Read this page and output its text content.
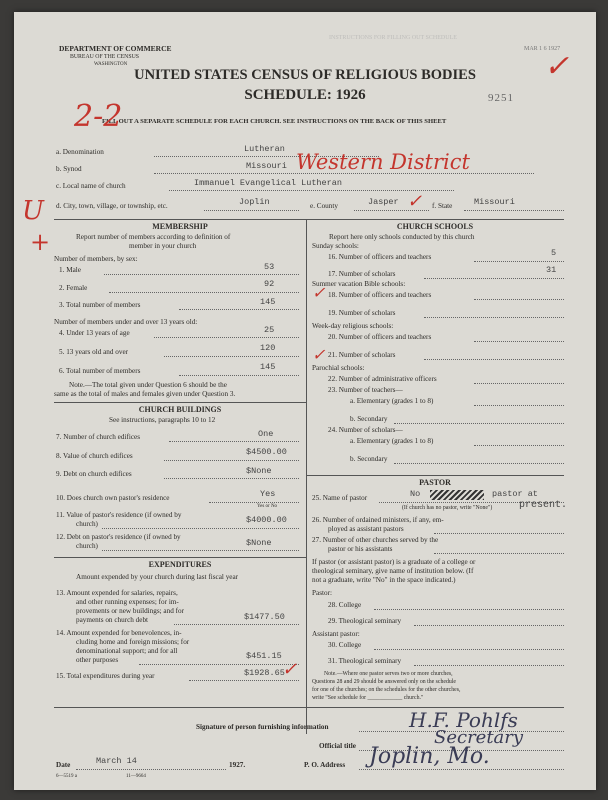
INSTRUCTIONS FOR FILLING OUT SCHEDULE
MAR 1 6 1927
DEPARTMENT OF COMMERCE
BUREAU OF THE CENSUS
WASHINGTON
UNITED STATES CENSUS OF RELIGIOUS BODIES
SCHEDULE: 1926	9251
FILL OUT A SEPARATE SCHEDULE FOR EACH CHURCH. SEE INSTRUCTIONS ON THE BACK OF THIS SHEET
2-2
✓
U
+
a. Denomination	Lutheran
b. Synod	Missouri Western District
c. Local name of church	Immanuel Evangelical Lutheran
d. City, town, village, or township, etc.	Joplin	e. County	Jasper ✓ f. State	Missouri
MEMBERSHIP
Report number of members according to definition of
member in your church
Number of members, by sex:
1. Male	53
2. Female	92
3. Total number of members	145
Number of members under and over 13 years old:
4. Under 13 years of age	25
5. 13 years old and over	120
6. Total number of members	145
Note.—The total given under Question 6 should be the
same as the total of males and females given under Question 3.
CHURCH BUILDINGS
See instructions, paragraphs 10 to 12
7. Number of church edifices	One
8. Value of church edifices	$4500.00
9. Debt on church edifices	$None
10. Does church own pastor's residence	Yes
Yes or No
11. Value of pastor's residence (if owned by
church)	$4000.00
12. Debt on pastor's residence (if owned by
church)	$None
EXPENDITURES
Amount expended by your church during last fiscal year
13. Amount expended for salaries, repairs,
and other running expenses; for im-
provements or new buildings; and for
payments on church debt	$1477.50
14. Amount expended for benevolences, in-
cluding home and foreign missions; for
denominational support; and for all
other purposes	$451.15
15. Total expenditures during year	$1928.65
✓
CHURCH SCHOOLS
Report here only schools conducted by this church
Sunday schools:
16. Number of officers and teachers	5
17. Number of scholars	31
Summer vacation Bible schools:
18. Number of officers and teachers
✓
19. Number of scholars
Week-day religious schools:
20. Number of officers and teachers
21. Number of scholars
✓
Parochial schools:
22. Number of administrative officers
23. Number of teachers—
a. Elementary (grades 1 to 8)
b. Secondary
24. Number of scholars—
a. Elementary (grades 1 to 8)
b. Secondary
PASTOR
25. Name of pastor	No	pastor at
(If church has no pastor, write "None")	present.
26. Number of ordained ministers, if any, em-
ployed as assistant pastors
27. Number of other churches served by the
pastor or his assistants
If pastor (or assistant pastor) is a graduate of a college or
theological seminary, give name of institution below. (If
not a graduate, write "No" in the space indicated.)
Pastor:
28. College
29. Theological seminary
Assistant pastor:
30. College
31. Theological seminary
Note.—Where one pastor serves two or more churches,
Questions 28 and 29 should be answered only on the schedule
for one of the churches; on the schedules for the other churches,
write "See schedule for ____________ church."
Signature of person furnishing information	H.F. Pohlfs
Official title	Secretary
Date	March 14	1927.	P. O. Address Joplin, Mo.
6—5519 a	11—9664
